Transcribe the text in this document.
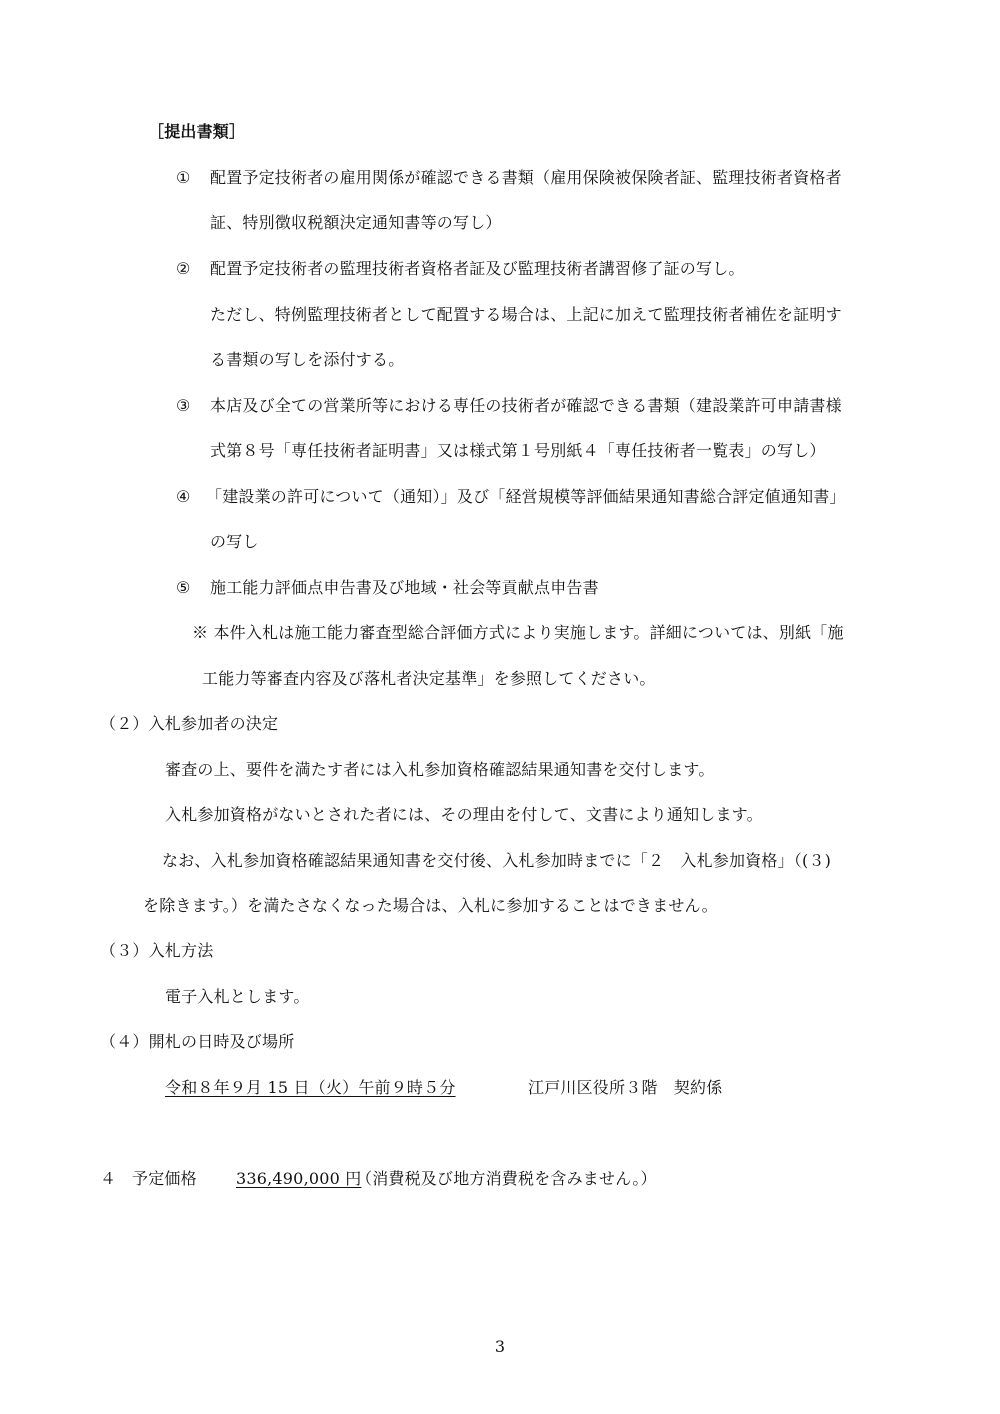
［提出書類］
① 配置予定技術者の雇用関係が確認できる書類（雇用保険被保険者証、監理技術者資格者
証、特別徴収税額決定通知書等の写し）
② 配置予定技術者の監理技術者資格者証及び監理技術者講習修了証の写し。
ただし、特例監理技術者として配置する場合は、上記に加えて監理技術者補佐を証明す
る書類の写しを添付する。
③ 本店及び全ての営業所等における専任の技術者が確認できる書類（建設業許可申請書様
式第８号「専任技術者証明書」又は様式第１号別紙４「専任技術者一覧表」の写し）
④ 「建設業の許可について（通知）」及び「経営規模等評価結果通知書総合評定値通知書」
の写し
⑤ 施工能力評価点申告書及び地域・社会等貢献点申告書
※ 本件入札は施工能力審査型総合評価方式により実施します。詳細については、別紙「施
工能力等審査内容及び落札者決定基準」を参照してください。
（２）入札参加者の決定
審査の上、要件を満たす者には入札参加資格確認結果通知書を交付します。
入札参加資格がないとされた者には、その理由を付して、文書により通知します。
なお、入札参加資格確認結果通知書を交付後、入札参加時までに「２　入札参加資格」（(３)
を除きます。）を満たさなくなった場合は、入札に参加することはできません。
（３）入札方法
電子入札とします。
（４）開札の日時及び場所
令和８年９月 15 日（火）午前９時５分	江戸川区役所３階　契約係
４ 予定価格 336,490,000 円
（消費税及び地方消費税を含みません。）
3
